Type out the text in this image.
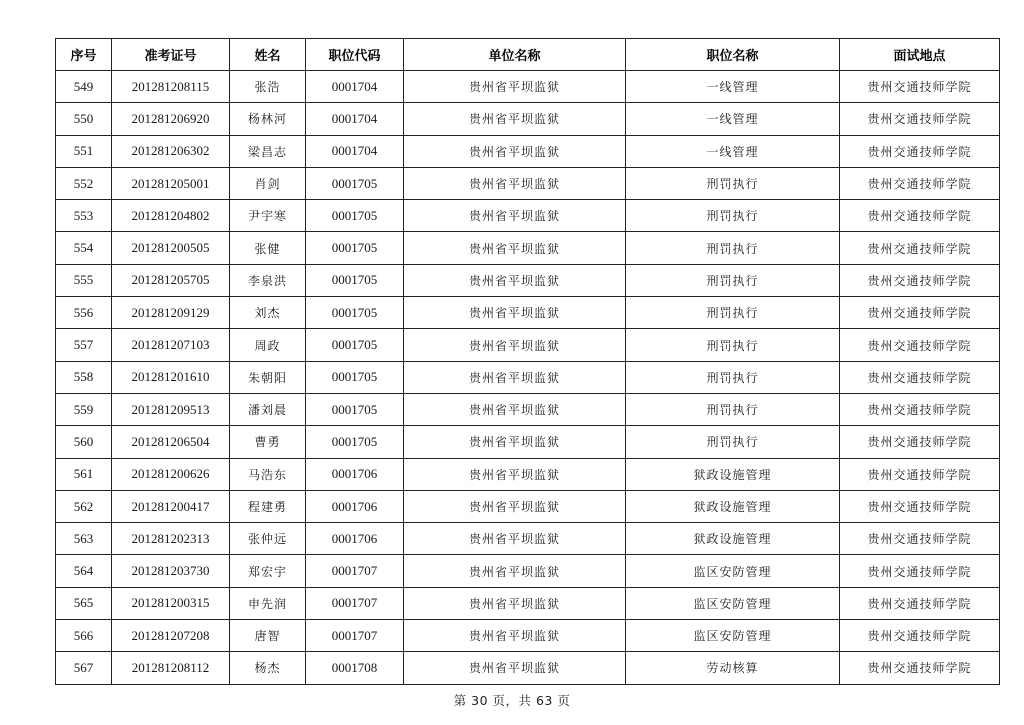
序号	准考证号	姓名	职位代码	单位名称	职位名称	面试地点
549	201281208115	张浩	0001704	贵州省平坝监狱	一线管理	贵州交通技师学院
550	201281206920	杨林河	0001704	贵州省平坝监狱	一线管理	贵州交通技师学院
551	201281206302	梁昌志	0001704	贵州省平坝监狱	一线管理	贵州交通技师学院
552	201281205001	肖剑	0001705	贵州省平坝监狱	刑罚执行	贵州交通技师学院
553	201281204802	尹宇寒	0001705	贵州省平坝监狱	刑罚执行	贵州交通技师学院
554	201281200505	张健	0001705	贵州省平坝监狱	刑罚执行	贵州交通技师学院
555	201281205705	李泉洪	0001705	贵州省平坝监狱	刑罚执行	贵州交通技师学院
556	201281209129	刘杰	0001705	贵州省平坝监狱	刑罚执行	贵州交通技师学院
557	201281207103	周政	0001705	贵州省平坝监狱	刑罚执行	贵州交通技师学院
558	201281201610	朱朝阳	0001705	贵州省平坝监狱	刑罚执行	贵州交通技师学院
559	201281209513	潘刘晨	0001705	贵州省平坝监狱	刑罚执行	贵州交通技师学院
560	201281206504	曹勇	0001705	贵州省平坝监狱	刑罚执行	贵州交通技师学院
561	201281200626	马浩东	0001706	贵州省平坝监狱	狱政设施管理	贵州交通技师学院
562	201281200417	程建勇	0001706	贵州省平坝监狱	狱政设施管理	贵州交通技师学院
563	201281202313	张仲远	0001706	贵州省平坝监狱	狱政设施管理	贵州交通技师学院
564	201281203730	郑宏宇	0001707	贵州省平坝监狱	监区安防管理	贵州交通技师学院
565	201281200315	申先润	0001707	贵州省平坝监狱	监区安防管理	贵州交通技师学院
566	201281207208	唐智	0001707	贵州省平坝监狱	监区安防管理	贵州交通技师学院
567	201281208112	杨杰	0001708	贵州省平坝监狱	劳动核算	贵州交通技师学院
第 30 页，共 63 页
